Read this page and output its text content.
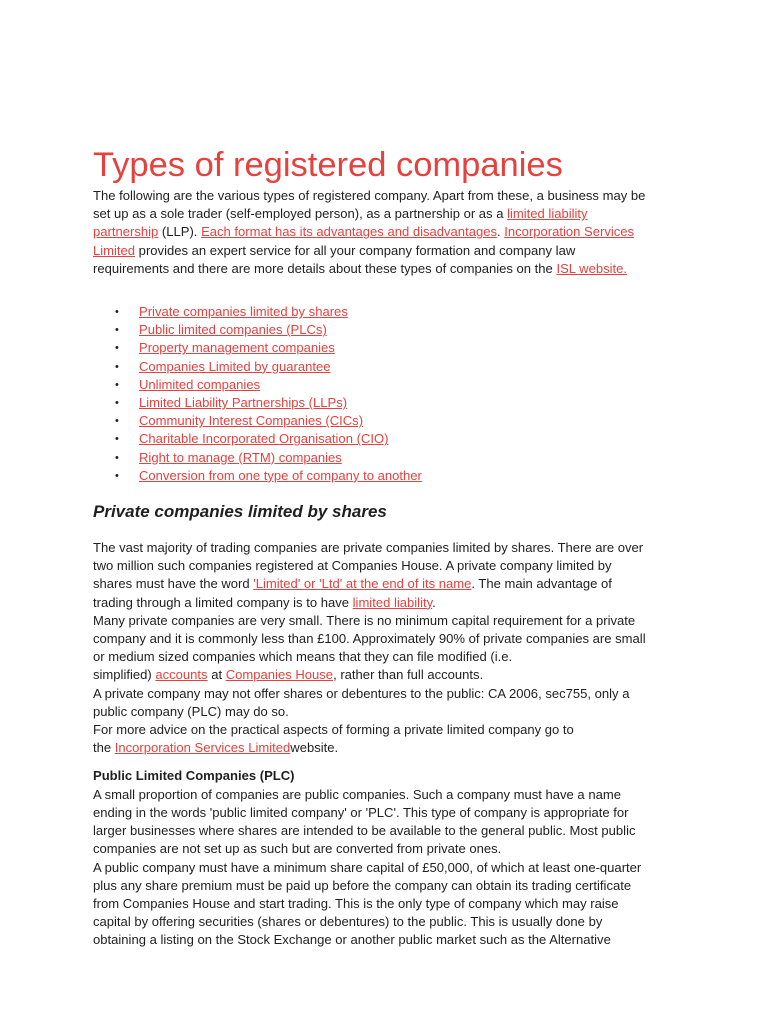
Types of registered companies

The following are the various types of registered company. Apart from these, a business may be

set up as a sole trader (self-employed person), as a partnership or as a limited liability

partnership (LLP). Each format has its advantages and disadvantages. Incorporation Services

Limited provides an expert service for all your company formation and company law

requirements and there are more details about these types of companies on the ISL website.

• Private companies limited by shares
• Public limited companies (PLCs)
• Property management companies
• Companies Limited by guarantee
• Unlimited companies
• Limited Liability Partnerships (LLPs)
• Community Interest Companies (CICs)
• Charitable Incorporated Organisation (CIO)
• Right to manage (RTM) companies
• Conversion from one type of company to another
Private companies limited by shares

The vast majority of trading companies are private companies limited by shares. There are over

two million such companies registered at Companies House. A private company limited by

shares must have the word 'Limited' or 'Ltd' at the end of its name. The main advantage of

trading through a limited company is to have limited liability.

Many private companies are very small. There is no minimum capital requirement for a private

company and it is commonly less than £100. Approximately 90% of private companies are small

or medium sized companies which means that they can file modified (i.e.

simplified) accounts at Companies House, rather than full accounts.

A private company may not offer shares or debentures to the public: CA 2006, sec755, only a

public company (PLC) may do so.

For more advice on the practical aspects of forming a private limited company go to

the Incorporation Services Limitedwebsite.

Public Limited Companies (PLC)

A small proportion of companies are public companies. Such a company must have a name

ending in the words 'public limited company' or 'PLC'. This type of company is appropriate for

larger businesses where shares are intended to be available to the general public. Most public

companies are not set up as such but are converted from private ones.

A public company must have a minimum share capital of £50,000, of which at least one-quarter

plus any share premium must be paid up before the company can obtain its trading certificate

from Companies House and start trading. This is the only type of company which may raise

capital by offering securities (shares or debentures) to the public. This is usually done by

obtaining a listing on the Stock Exchange or another public market such as the Alternative
